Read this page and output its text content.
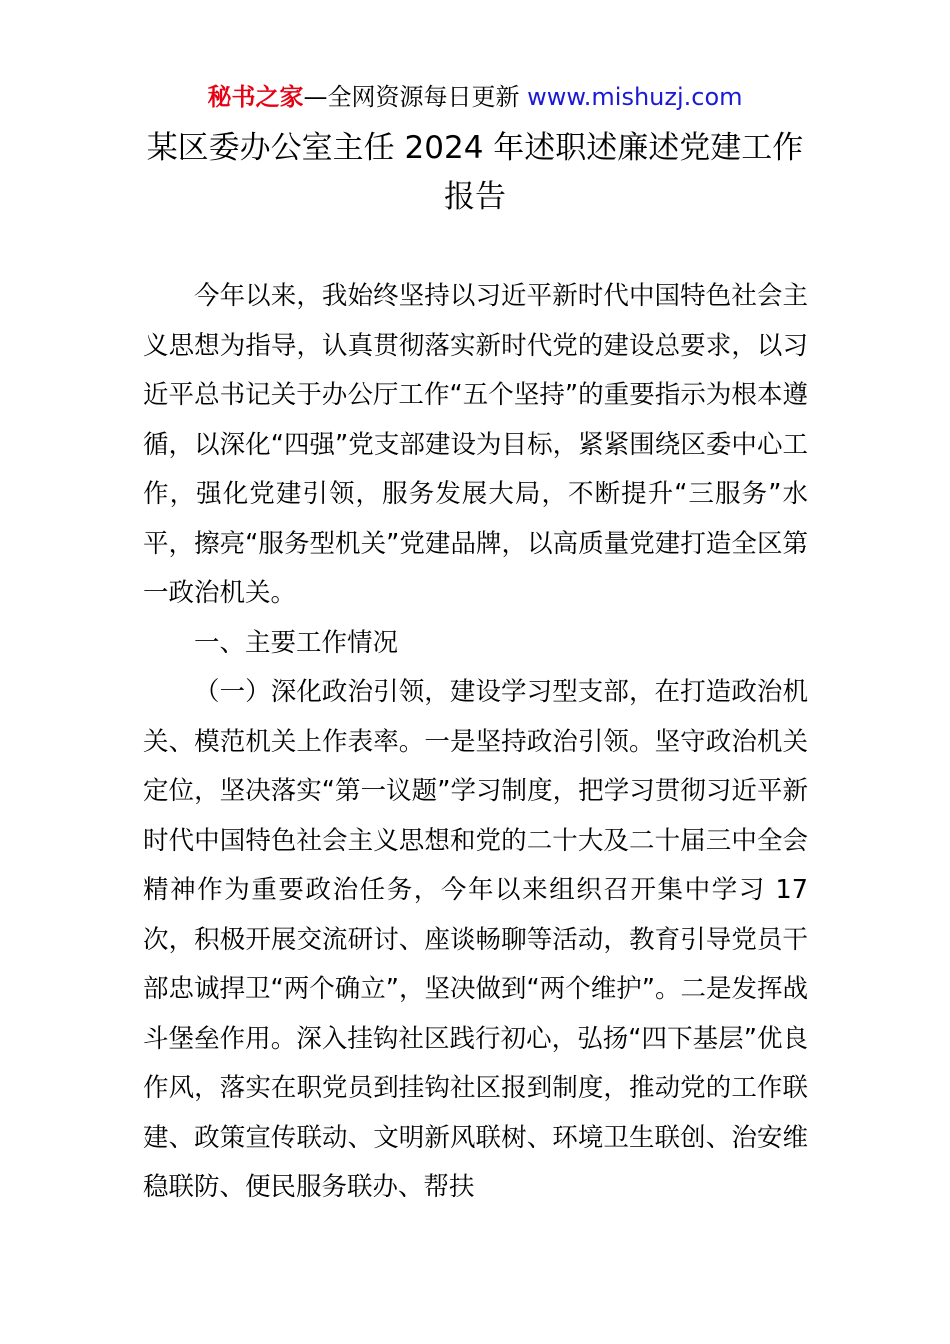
秘书之家—全网资源每日更新 www.mishuzj.com
某区委办公室主任 2024 年述职述廉述党建工作
报告

今年以来，我始终坚持以习近平新时代中国特色社会主义思想为指导，认真贯彻落实新时代党的建设总要求，以习近平总书记关于办公厅工作“五个坚持”的重要指示为根本遵循，以深化“四强”党支部建设为目标，紧紧围绕区委中心工作，强化党建引领，服务发展大局，不断提升“三服务”水平，擦亮“服务型机关”党建品牌，以高质量党建打造全区第一政治机关。

一、主要工作情况

（一）深化政治引领，建设学习型支部，在打造政治机关、模范机关上作表率。一是坚持政治引领。坚守政治机关定位，坚决落实“第一议题”学习制度，把学习贯彻习近平新时代中国特色社会主义思想和党的二十大及二十届三中全会精神作为重要政治任务，今年以来组织召开集中学习 17 次，积极开展交流研讨、座谈畅聊等活动，教育引导党员干部忠诚捍卫“两个确立”，坚决做到“两个维护”。二是发挥战斗堡垒作用。深入挂钩社区践行初心，弘扬“四下基层”优良作风，落实在职党员到挂钩社区报到制度，推动党的工作联建、政策宣传联动、文明新风联树、环境卫生联创、治安维稳联防、便民服务联办、帮扶
